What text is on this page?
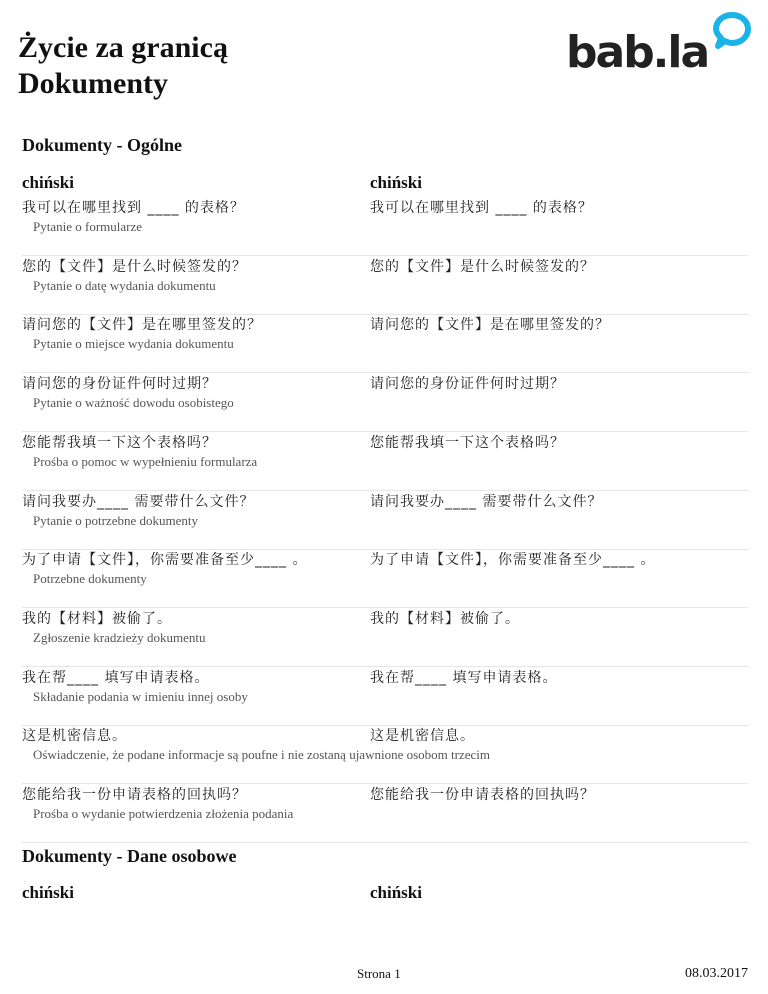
Życie za granicą
Dokumenty
bab.la
Dokumenty - Ogólne
chiński	chiński
我可以在哪里找到 ____ 的表格？	我可以在哪里找到 ____ 的表格？
Pytanie o formularze
您的【文件】是什么时候签发的？	您的【文件】是什么时候签发的？
Pytanie o datę wydania dokumentu
请问您的【文件】是在哪里签发的？	请问您的【文件】是在哪里签发的？
Pytanie o miejsce wydania dokumentu
请问您的身份证件何时过期？	请问您的身份证件何时过期？
Pytanie o ważność dowodu osobistego
您能帮我填一下这个表格吗？	您能帮我填一下这个表格吗？
Prośba o pomoc w wypełnieniu formularza
请问我要办____ 需要带什么文件？	请问我要办____ 需要带什么文件？
Pytanie o potrzebne dokumenty
为了申请【文件】，你需要准备至少____ 。	为了申请【文件】，你需要准备至少____ 。
Potrzebne dokumenty
我的【材料】被偷了。	我的【材料】被偷了。
Zgłoszenie kradzieży dokumentu
我在帮____ 填写申请表格。	我在帮____ 填写申请表格。
Składanie podania w imieniu innej osoby
这是机密信息。	这是机密信息。
Oświadczenie, że podane informacje są poufne i nie zostaną ujawnione osobom trzecim
您能给我一份申请表格的回执吗？	您能给我一份申请表格的回执吗？
Prośba o wydanie potwierdzenia złożenia podania
Dokumenty - Dane osobowe
chiński	chiński
Strona 1	08.03.2017
